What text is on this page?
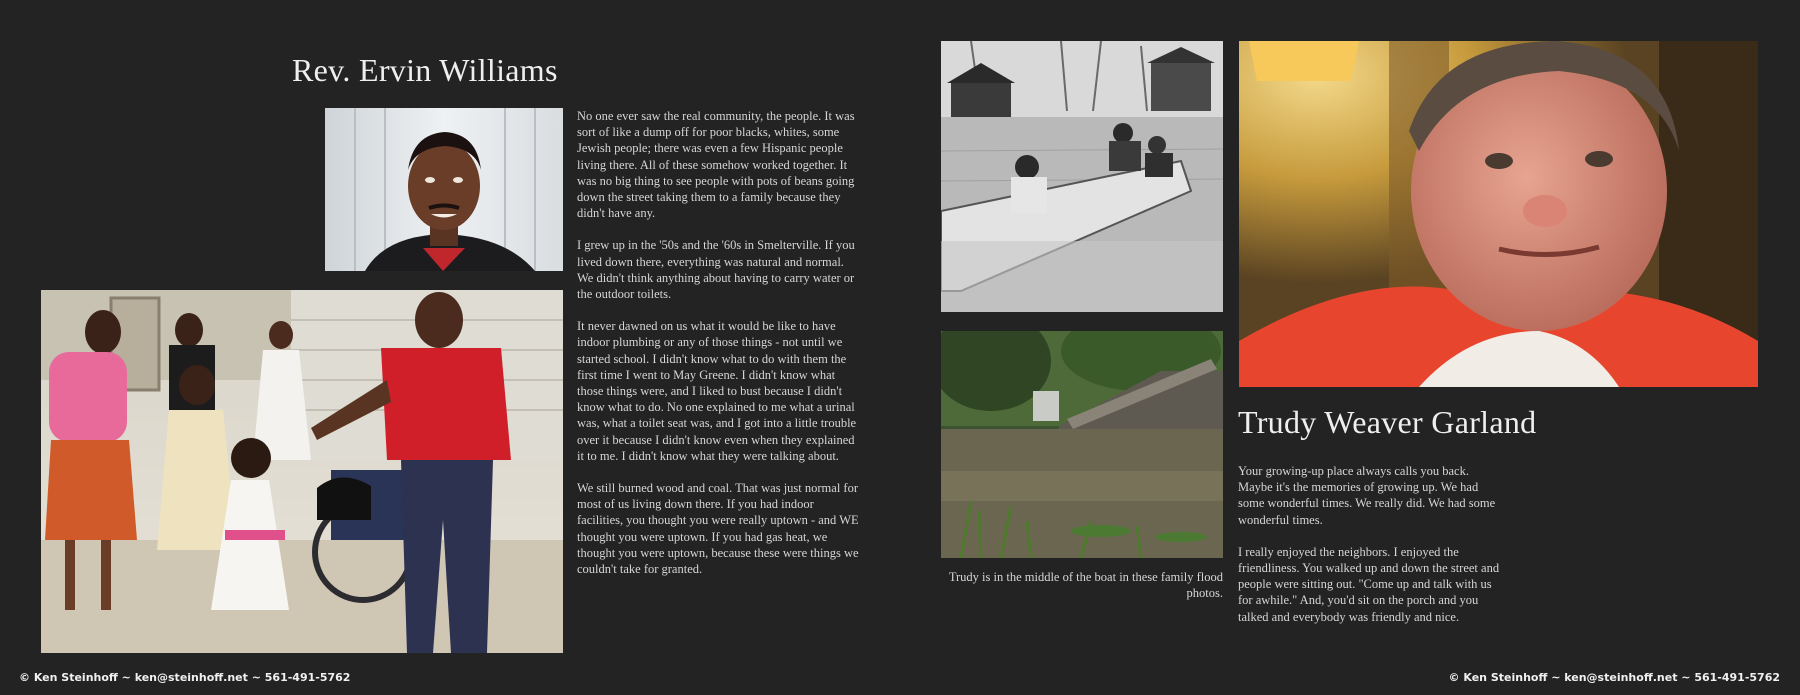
Rev. Ervin Williams

No one ever saw the real community, the people. It was sort of like a dump off for poor blacks, whites, some Jewish people; there was even a few Hispanic people living there. All of these somehow worked together. It was no big thing to see people with pots of beans going down the street taking them to a family because they didn't have any.

I grew up in the '50s and the '60s in Smelterville. If you lived down there, everything was natural and normal. We didn't think anything about having to carry water or the outdoor toilets.

It never dawned on us what it would be like to have indoor plumbing or any of those things - not until we started school. I didn't know what to do with them the first time I went to May Greene. I didn't know what those things were, and I liked to bust because I didn't know what to do. No one explained to me what a urinal was, what a toilet seat was, and I got into a little trouble over it because I didn't know even when they explained it to me. I didn't know what they were talking about.

We still burned wood and coal. That was just normal for most of us living down there. If you had indoor facilities, you thought you were really uptown - and WE thought you were uptown. If you had gas heat, we thought you were uptown, because these were things we couldn't take for granted.

© Ken Steinhoff ~ ken@steinhoff.net ~ 561-491-5762
Trudy is in the middle of the boat in these family flood photos.
Trudy Weaver Garland

Your growing-up place always calls you back. Maybe it's the memories of growing up. We had some wonderful times. We really did. We had some wonderful times.

I really enjoyed the neighbors. I enjoyed the friendliness. You walked up and down the street and people were sitting out. "Come up and talk with us for awhile." And, you'd sit on the porch and you talked and everybody was friendly and nice.

© Ken Steinhoff ~ ken@steinhoff.net ~ 561-491-5762
